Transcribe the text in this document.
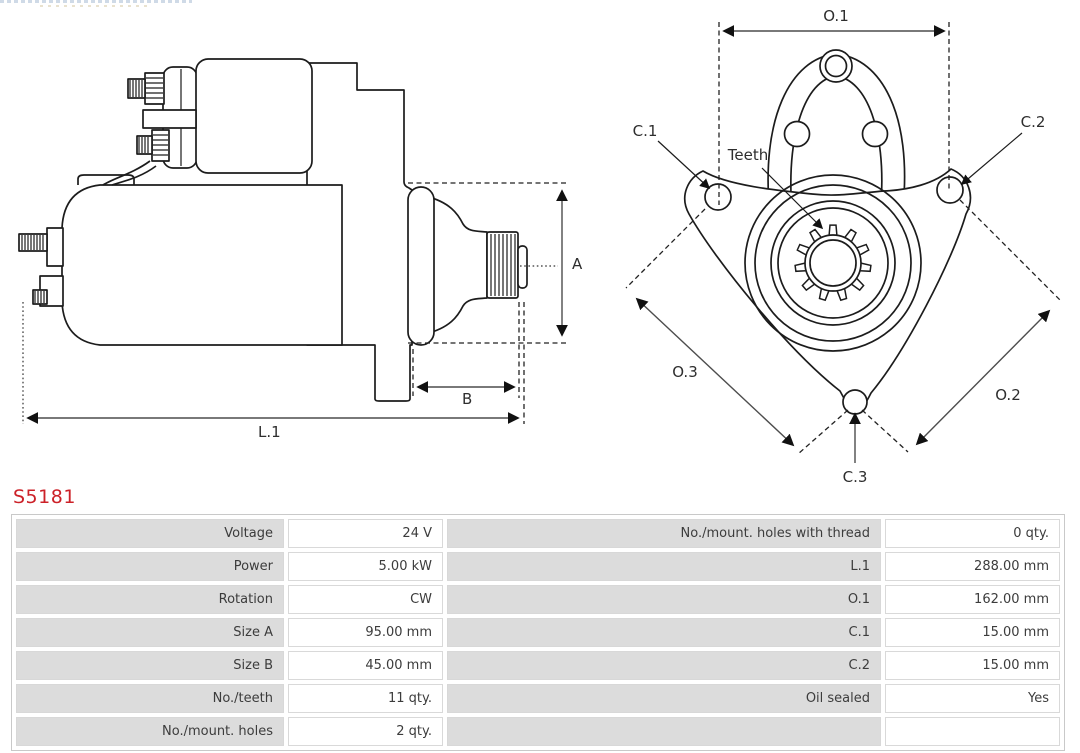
A
B
L.1
O.1
O.3
O.2
C.1	C.2
C.3
Teeth
S5181
Voltage	24 V	No./mount. holes with thread	0 qty.
Power	5.00 kW	L.1	288.00 mm
Rotation	CW	O.1	162.00 mm
Size A	95.00 mm	C.1	15.00 mm
Size B	45.00 mm	C.2	15.00 mm
No./teeth	11 qty.	Oil sealed	Yes
No./mount. holes	2 qty.
